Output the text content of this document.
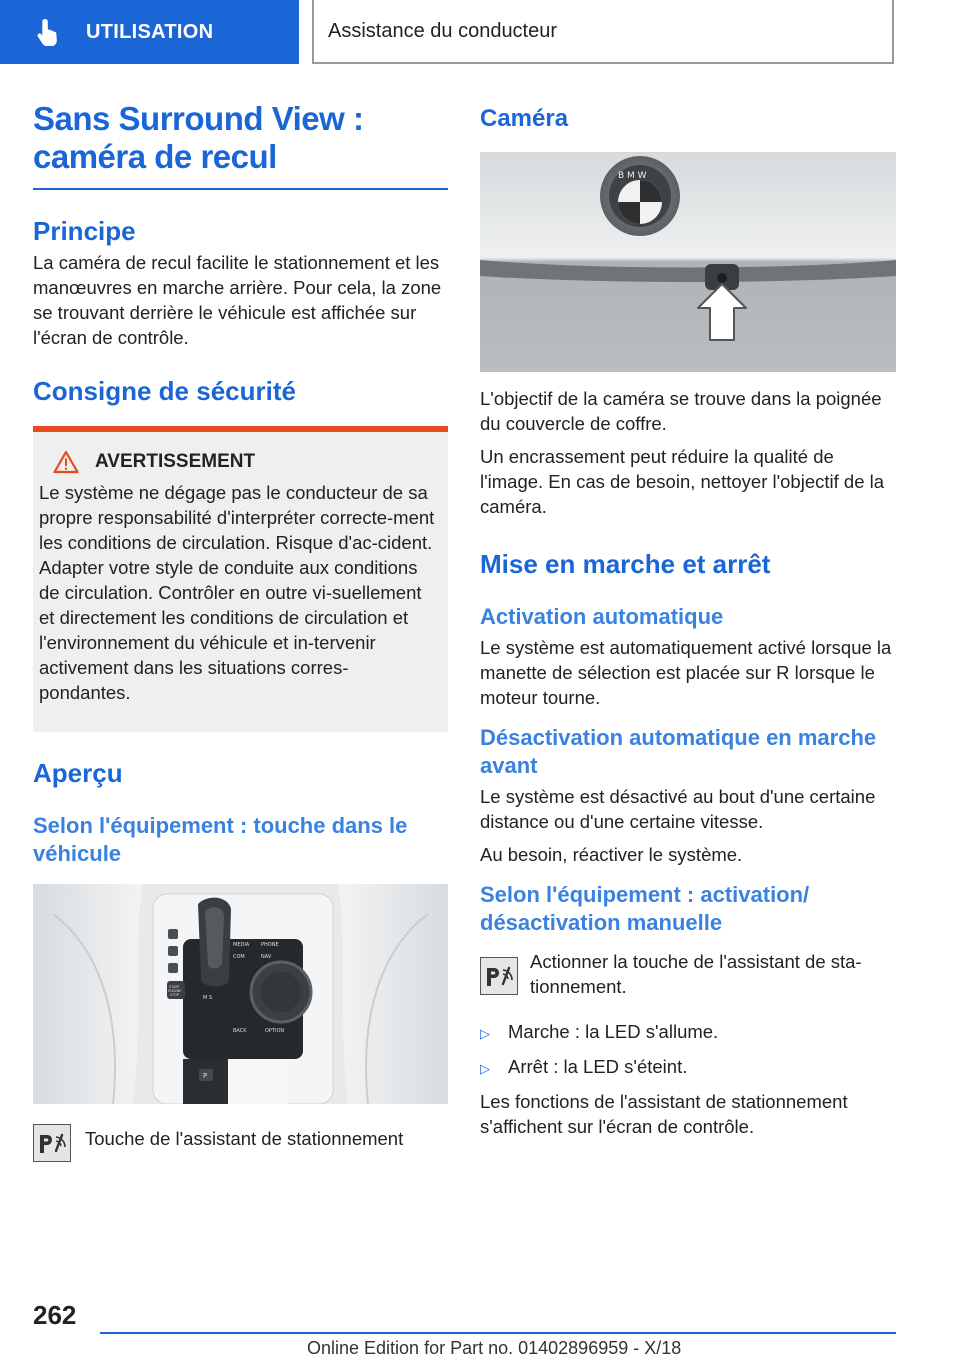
UTILISATION	Assistance du conducteur
Sans Surround View :
caméra de recul
Principe

La caméra de recul facilite le stationnement et les manœuvres en marche arrière. Pour cela, la zone se trouvant derrière le véhicule est affichée sur l'écran de contrôle.

Consigne de sécurité
AVERTISSEMENT

Le système ne dégage pas le conducteur de sa propre responsabilité d'interpréter correcte-ment les conditions de circulation. Risque d'ac-cident. Adapter votre style de conduite aux conditions de circulation. Contrôler en outre vi-suellement et directement les conditions de circulation et l'environnement du véhicule et in-tervenir activement dans les situations corres-pondantes.

Aperçu
Selon l'équipement : touche dans le véhicule
MEDIA PHONE
COM	NAV
BACK	OPTION
START
ENGINE
STOP	M S
P

Touche de l'assistant de stationnement

Caméra
B M W

L'objectif de la caméra se trouve dans la poignée du couvercle de coffre.

Un encrassement peut réduire la qualité de l'image. En cas de besoin, nettoyer l'objectif de la caméra.

Mise en marche et arrêt
Activation automatique

Le système est automatiquement activé lorsque la manette de sélection est placée sur R lorsque le moteur tourne.

Désactivation automatique en marche avant

Le système est désactivé au bout d'une certaine distance ou d'une certaine vitesse.

Au besoin, réactiver le système.

Selon l'équipement : activation/ désactivation manuelle

Actionner la touche de l'assistant de sta-tionnement.

▷ Marche : la LED s'allume.
▷ Arrêt : la LED s'éteint.

Les fonctions de l'assistant de stationnement s'affichent sur l'écran de contrôle.

262
Online Edition for Part no. 01402896959 - X/18
